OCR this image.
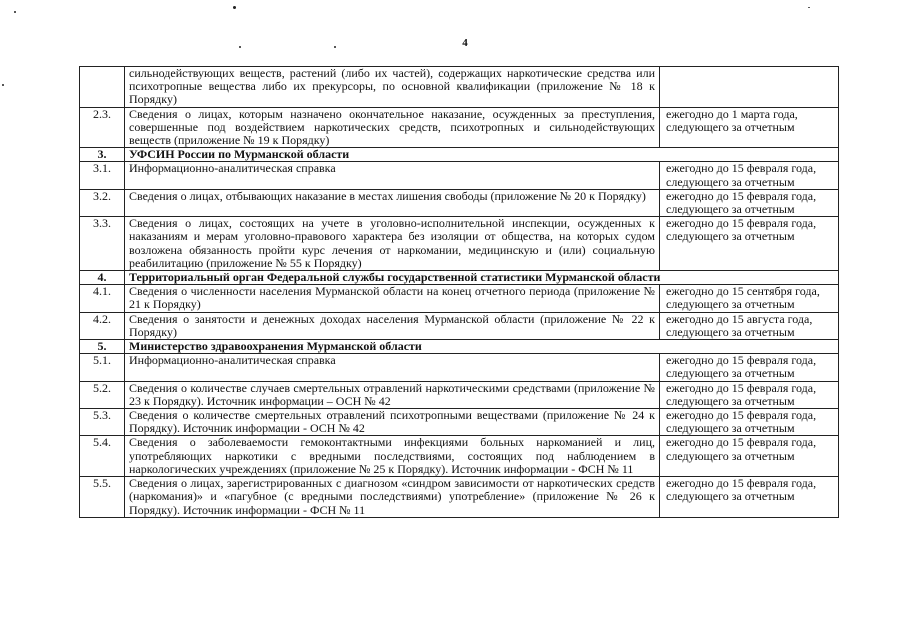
4
	сильнодействующих веществ, растений (либо их частей), содержащих наркотические средства или психотропные вещества либо их прекурсоры, по основной квалификации (приложение № 18 к Порядку)	
2.3.	Сведения о лицах, которым назначено окончательное наказание, осужденных за преступления, совершенные под воздействием наркотических средств, психотропных и сильнодействующих веществ (приложение № 19 к Порядку)	ежегодно до 1 марта года, следующего за отчетным
3.	УФСИН России по Мурманской области	
3.1.	Информационно-аналитическая справка	ежегодно до 15 февраля года, следующего за отчетным
3.2.	Сведения о лицах, отбывающих наказание в местах лишения свободы (приложение № 20 к Порядку)	ежегодно до 15 февраля года, следующего за отчетным
3.3.	Сведения о лицах, состоящих на учете в уголовно-исполнительной инспекции, осужденных к наказаниям и мерам уголовно-правового характера без изоляции от общества, на которых судом возложена обязанность пройти курс лечения от наркомании, медицинскую и (или) социальную реабилитацию (приложение № 55 к Порядку)	ежегодно до 15 февраля года, следующего за отчетным
4.	Территориальный орган Федеральной службы государственной статистики Мурманской области	
4.1.	Сведения о численности населения Мурманской области на конец отчетного периода (приложение № 21 к Порядку)	ежегодно до 15 сентября года, следующего за отчетным
4.2.	Сведения о занятости и денежных доходах населения Мурманской области (приложение № 22 к Порядку)	ежегодно до 15 августа года, следующего за отчетным
5.	Министерство здравоохранения Мурманской области	
5.1.	Информационно-аналитическая справка	ежегодно до 15 февраля года, следующего за отчетным
5.2.	Сведения о количестве случаев смертельных отравлений наркотическими средствами (приложение № 23 к Порядку). Источник информации – ОСН № 42	ежегодно до 15 февраля года, следующего за отчетным
5.3.	Сведения о количестве смертельных отравлений психотропными веществами (приложение № 24 к Порядку). Источник информации - ОСН № 42	ежегодно до 15 февраля года, следующего за отчетным
5.4.	Сведения о заболеваемости гемоконтактными инфекциями больных наркоманией и лиц, употребляющих наркотики с вредными последствиями, состоящих под наблюдением в наркологических учреждениях (приложение № 25 к Порядку). Источник информации - ФСН № 11	ежегодно до 15 февраля года, следующего за отчетным
5.5.	Сведения о лицах, зарегистрированных с диагнозом «синдром зависимости от наркотических средств (наркомания)» и «пагубное (с вредными последствиями) употребление» (приложение № 26 к Порядку). Источник информации - ФСН № 11	ежегодно до 15 февраля года, следующего за отчетным
